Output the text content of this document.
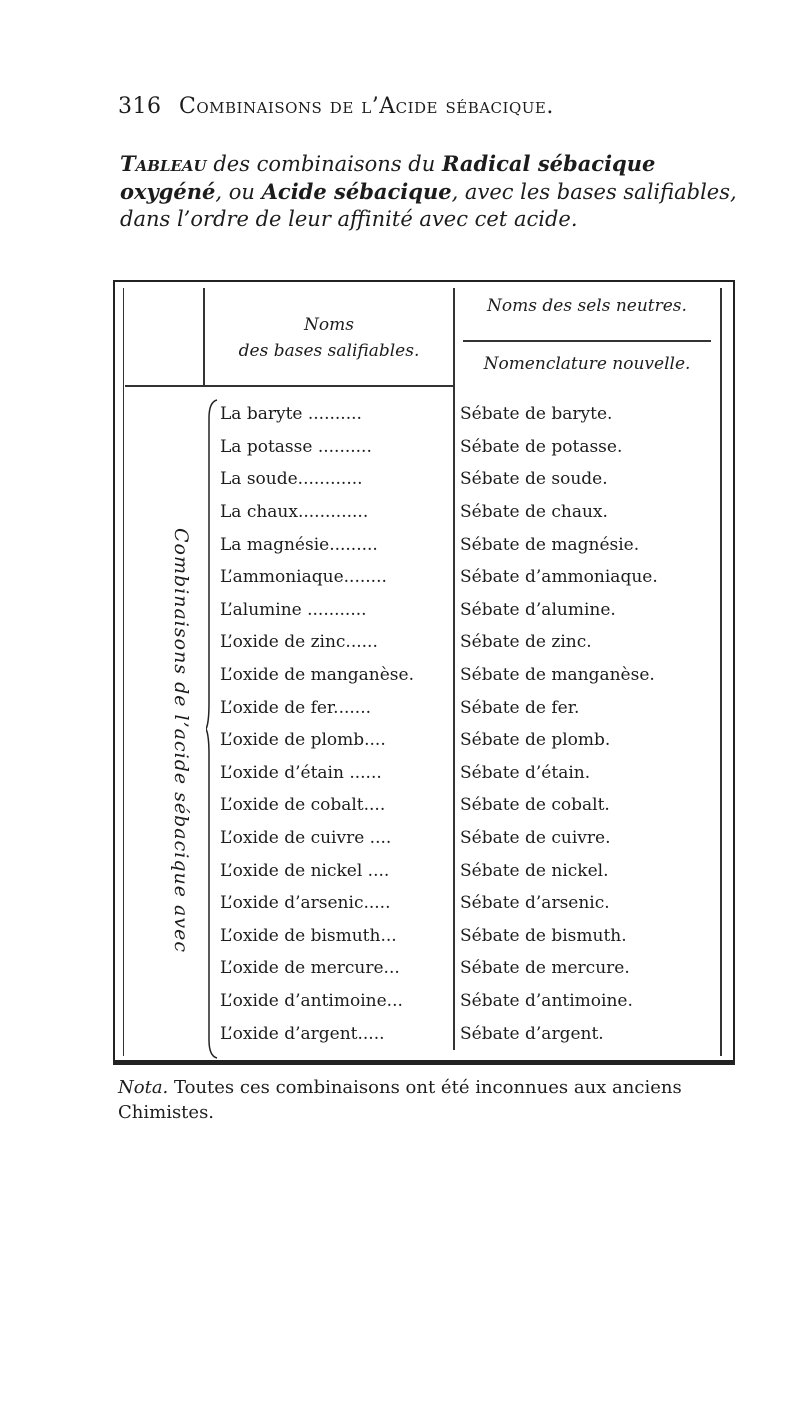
316 Combinaisons de l’Acide sébacique.
Tableau des combinaisons du Radical sébacique oxygéné, ou Acide sébacique, avec les bases salifiables, dans l’ordre de leur affinité avec cet acide.
Noms
des bases salifiables.
Noms des sels neutres.
Nomenclature nouvelle.
Combinaisons de l’acide sébacique avec
La baryte ..........	Sébate de baryte.
La potasse ..........	Sébate de potasse.
La soude............	Sébate de soude.
La chaux.............	Sébate de chaux.
La magnésie.........	Sébate de magnésie.
L’ammoniaque........	Sébate d’ammoniaque.
L’alumine ...........	Sébate d’alumine.
L’oxide de zinc......	Sébate de zinc.
L’oxide de manganèse.	Sébate de manganèse.
L’oxide de fer.......	Sébate de fer.
L’oxide de plomb....	Sébate de plomb.
L’oxide d’étain ......	Sébate d’étain.
L’oxide de cobalt....	Sébate de cobalt.
L’oxide de cuivre ....	Sébate de cuivre.
L’oxide de nickel ....	Sébate de nickel.
L’oxide d’arsenic.....	Sébate d’arsenic.
L’oxide de bismuth...	Sébate de bismuth.
L’oxide de mercure...	Sébate de mercure.
L’oxide d’antimoine...	Sébate d’antimoine.
L’oxide d’argent.....	Sébate d’argent.
Nota. Toutes ces combinaisons ont été inconnues aux anciens Chimistes.
